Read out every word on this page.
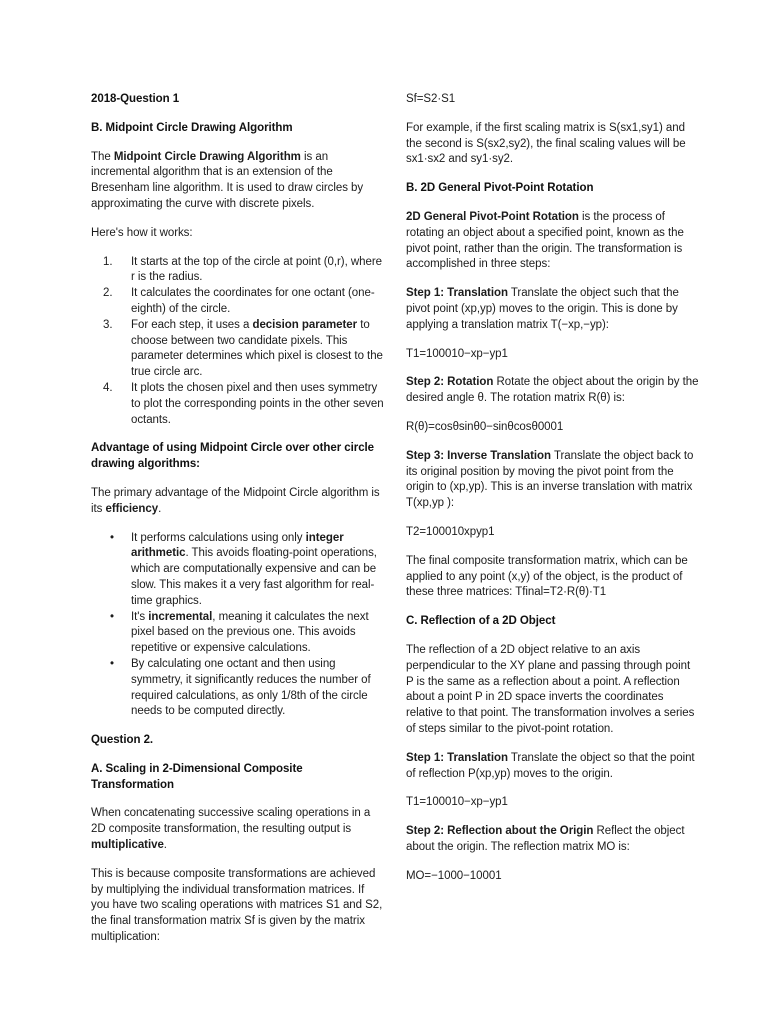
2018-Question 1

B. Midpoint Circle Drawing Algorithm

The Midpoint Circle Drawing Algorithm is an incremental algorithm that is an extension of the Bresenham line algorithm. It is used to draw circles by approximating the curve with discrete pixels.

Here's how it works:

1.	It starts at the top of the circle at point (0,r), where r is the radius.
2.	It calculates the coordinates for one octant (one-eighth) of the circle.
3.	For each step, it uses a decision parameter to choose between two candidate pixels. This parameter determines which pixel is closest to the true circle arc.
4.	It plots the chosen pixel and then uses symmetry to plot the corresponding points in the other seven octants.

Advantage of using Midpoint Circle over other circle drawing algorithms:

The primary advantage of the Midpoint Circle algorithm is its efficiency.

•	It performs calculations using only integer arithmetic. This avoids floating-point operations, which are computationally expensive and can be slow. This makes it a very fast algorithm for real-time graphics.
•	It's incremental, meaning it calculates the next pixel based on the previous one. This avoids repetitive or expensive calculations.
•	By calculating one octant and then using symmetry, it significantly reduces the number of required calculations, as only 1/8th of the circle needs to be computed directly.

Question 2.

A. Scaling in 2-Dimensional Composite Transformation

When concatenating successive scaling operations in a 2D composite transformation, the resulting output is multiplicative.

This is because composite transformations are achieved by multiplying the individual transformation matrices. If you have two scaling operations with matrices S1 and S2, the final transformation matrix Sf is given by the matrix multiplication:

Sf=S2·S1

For example, if the first scaling matrix is S(sx1,sy1) and the second is S(sx2,sy2), the final scaling values will be sx1·sx2 and sy1·sy2.

B. 2D General Pivot-Point Rotation

2D General Pivot-Point Rotation is the process of rotating an object about a specified point, known as the pivot point, rather than the origin. The transformation is accomplished in three steps:

Step 1: Translation Translate the object such that the pivot point (xp,yp) moves to the origin. This is done by applying a translation matrix T(−xp,−yp):

T1=100010−xp−yp1

Step 2: Rotation Rotate the object about the origin by the desired angle θ. The rotation matrix R(θ) is:

R(θ)=cosθsinθ0−sinθcosθ0001

Step 3: Inverse Translation Translate the object back to its original position by moving the pivot point from the origin to (xp,yp). This is an inverse translation with matrix T(xp,yp ):

T2=100010xpyp1

The final composite transformation matrix, which can be applied to any point (x,y) of the object, is the product of these three matrices: Tfinal=T2·R(θ)·T1

C. Reflection of a 2D Object

The reflection of a 2D object relative to an axis perpendicular to the XY plane and passing through point P is the same as a reflection about a point. A reflection about a point P in 2D space inverts the coordinates relative to that point. The transformation involves a series of steps similar to the pivot-point rotation.

Step 1: Translation Translate the object so that the point of reflection P(xp,yp) moves to the origin.

T1=100010−xp−yp1

Step 2: Reflection about the Origin Reflect the object about the origin. The reflection matrix MO is:

MO=−1000−10001
